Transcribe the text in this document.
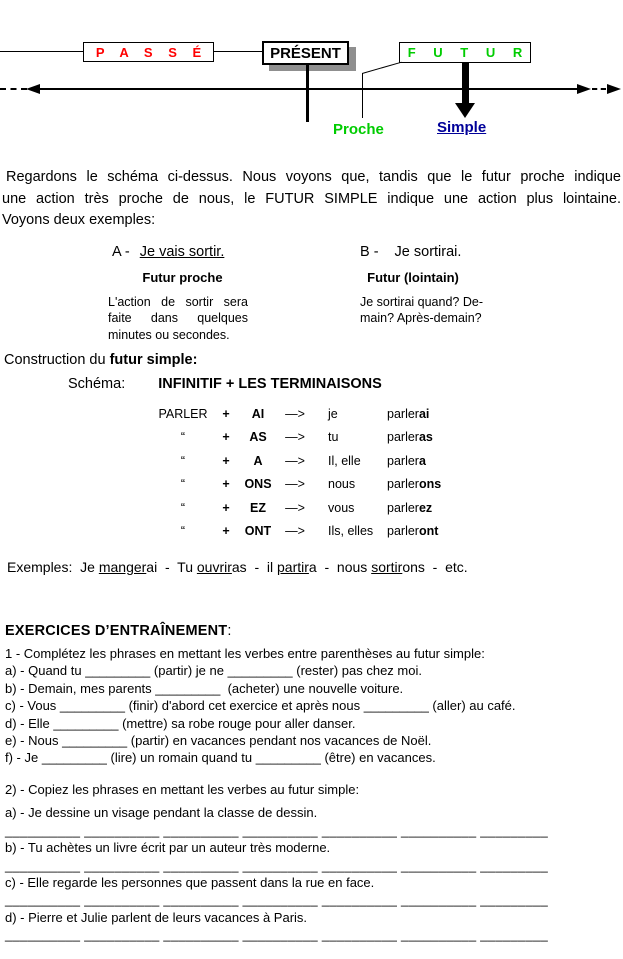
P A S S É	PRÉSENT	F U T U R
Proche	Simple
Regardons le schéma ci-dessus. Nous voyons que, tandis que le futur proche indique
une action très proche de nous, le FUTUR SIMPLE indique une action plus lointaine.
Voyons deux exemples:
A - Je vais sortir.	B - Je sortirai.
Futur proche	Futur (lointain)
L'action de sortir sera
faite dans quelques
minutes ou secondes.
Je sortirai quand? De-
main? Après-demain?
Construction du futur simple:
Schéma: INFINITIF + LES TERMINAISONS
PARLER	+	AI	—>	je	parlerai
“	+	AS	—>	tu	parleras
“	+	A	—>	Il, elle	parlera
“	+	ONS	—>	nous	parlerons
“	+	EZ	—>	vous	parlerez
“	+	ONT	—>	Ils, elles	parleront
Exemples:  Je mangerai  -  Tu ouvriras  -  il partira  -  nous sortirons  -  etc.
EXERCICES D’ENTRAÎNEMENT:
1 - Complétez les phrases en mettant les verbes entre parenthèses au futur simple:
a) - Quand tu _________ (partir) je ne _________ (rester) pas chez moi.
b) - Demain, mes parents _________  (acheter) une nouvelle voiture.
c) - Vous _________ (finir) d'abord cet exercice et après nous _________ (aller) au café.
d) - Elle _________ (mettre) sa robe rouge pour aller danser.
e) - Nous _________ (partir) en vacances pendant nos vacances de Noël.
f) - Je _________ (lire) un romain quand tu _________ (être) en vacances.
2) - Copiez les phrases en mettant les verbes au futur simple:
a) - Je dessine un visage pendant la classe de dessin.
__________ __________ __________ __________ __________ __________ _________
b) - Tu achètes un livre écrit par un auteur très moderne.
__________ __________ __________ __________ __________ __________ _________
c) - Elle regarde les personnes que passent dans la rue en face.
__________ __________ __________ __________ __________ __________ _________
d) - Pierre et Julie parlent de leurs vacances à Paris.
__________ __________ __________ __________ __________ __________ _________
